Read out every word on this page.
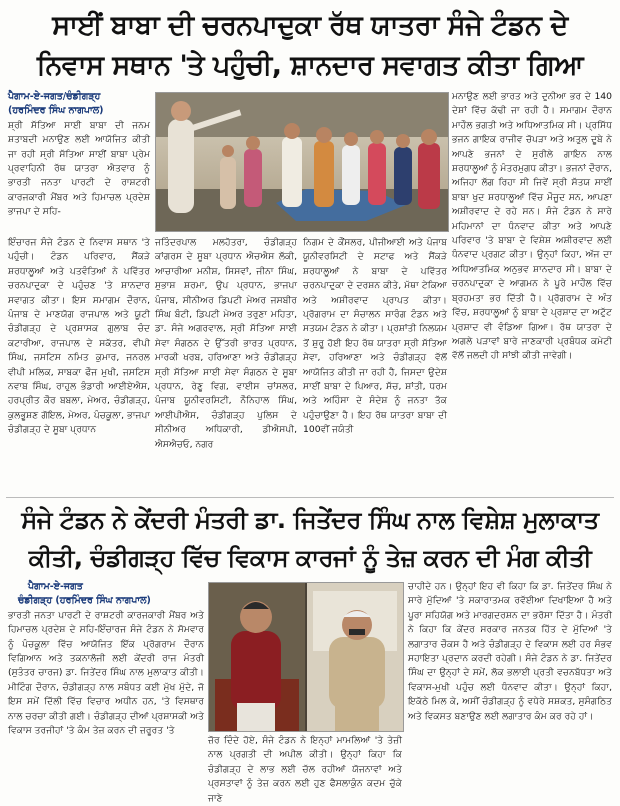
ਸਾਈਂ ਬਾਬਾ ਦੀ ਚਰਨਪਾਦੁਕਾ ਰੱਥ ਯਾਤਰਾ ਸੰਜੇ ਟੰਡਨ ਦੇ
ਨਿਵਾਸ ਸਥਾਨ 'ਤੇ ਪਹੁੰਚੀ, ਸ਼ਾਨਦਾਰ ਸਵਾਗਤ ਕੀਤਾ ਗਿਆ

ਪੈਗਾਮ-ਏ-ਜਗਤ/ਚੰਡੀਗੜ੍ਹ

(ਹਰਮਿੰਦਰ ਸਿੰਘ ਨਾਗਪਾਲ)

ਸ਼੍ਰੀ ਸੱਤਿਆ ਸਾਈ ਬਾਬਾ ਦੀ ਜਨਮ ਸ਼ਤਾਬਦੀ ਮਨਾਉਣ ਲਈ ਆਯੋਜਿਤ ਕੀਤੀ ਜਾ ਰਹੀ ਸ੍ਰੀ ਸੱਤਿਆ ਸਾਈਂ ਬਾਬਾ ਪ੍ਰੇਮ ਪ੍ਰਵਾਹਿਨੀ ਰੱਥ ਯਾਤਰਾ ਐਤਵਾਰ ਨੂੰ ਭਾਰਤੀ ਜਨਤਾ ਪਾਰਟੀ ਦੇ ਰਾਸ਼ਟਰੀ ਕਾਰਜਕਾਰੀ ਮੈਂਬਰ ਅਤੇ ਹਿਮਾਚਲ ਪ੍ਰਦੇਸ਼ ਭਾਜਪਾ ਦੇ ਸਹਿ-

ਮਨਾਉਣ ਲਈ ਭਾਰਤ ਅਤੇ ਦੁਨੀਆ ਭਰ ਦੇ 140 ਦੇਸ਼ਾਂ ਵਿੱਚ ਕੱਢੀ ਜਾ ਰਹੀ ਹੈ। ਸਮਾਗਮ ਦੌਰਾਨ ਮਾਹੌਲ ਭਗਤੀ ਅਤੇ ਅਧਿਆਤਮਿਕ ਸੀ। ਪ੍ਰਸਿੱਧ ਭਜਨ ਗਾਇਕ ਰਾਜੀਵ ਚੋਪੜਾ ਅਤੇ ਅਤੁਲ ਦੂਬੇ ਨੇ ਆਪਣੇ ਭਜਨਾਂ ਦੇ ਸੁਰੀਲੇ ਗਾਇਨ ਨਾਲ ਸ਼ਰਧਾਲੂਆਂ ਨੂੰ ਮੰਤਰਮੁਗਧ ਕੀਤਾ। ਭਜਨਾਂ ਦੌਰਾਨ, ਅਜਿਹਾ ਲੱਗ ਰਿਹਾ ਸੀ ਜਿਵੇਂ ਸ੍ਰੀ ਸੱਤਯ ਸਾਈਂ ਬਾਬਾ ਖੁਦ ਸ਼ਰਧਾਲੂਆਂ ਵਿੱਚ ਮੌਜੂਦ ਸਨ, ਆਪਣਾ ਅਸ਼ੀਰਵਾਦ ਦੇ ਰਹੇ ਸਨ। ਸੰਜੇ ਟੰਡਨ ਨੇ ਸਾਰੇ ਮਹਿਮਾਨਾਂ ਦਾ ਧੰਨਵਾਦ ਕੀਤਾ ਅਤੇ ਆਪਣੇ ਪਰਿਵਾਰ 'ਤੇ ਬਾਬਾ ਦੇ ਵਿਸ਼ੇਸ਼ ਅਸ਼ੀਰਵਾਦ ਲਈ ਧੰਨਵਾਦ ਪ੍ਰਗਟ ਕੀਤਾ। ਉਨ੍ਹਾਂ ਕਿਹਾ, ਅੱਜ ਦਾ ਅਧਿਆਤਮਿਕ ਅਨੁਭਵ ਸ਼ਾਨਦਾਰ ਸੀ। ਬਾਬਾ ਦੇ ਚਰਨਪਾਦੁਕਾ ਦੇ ਆਗਮਨ ਨੇ ਪੂਰੇ ਮਾਹੌਲ ਵਿੱਚ ਬ੍ਰਹਮਤਾ ਭਰ ਦਿੱਤੀ ਹੈ। ਪ੍ਰੋਗਰਾਮ ਦੇ ਅੰਤ ਵਿੱਚ, ਸ਼ਰਧਾਲੂਆਂ ਨੂੰ ਬਾਬਾ ਦੇ ਪ੍ਰਸ਼ਾਦ ਦਾ ਅਟੁੱਟ ਪ੍ਰਸ਼ਾਦ ਵੀ ਵੰਡਿਆ ਗਿਆ। ਰੱਥ ਯਾਤਰਾ ਦੇ ਅਗਲੇ ਪੜਾਵਾਂ ਬਾਰੇ ਜਾਣਕਾਰੀ ਪ੍ਰਬੰਧਕ ਕਮੇਟੀ ਵੱਲੋਂ ਜਲਦੀ ਹੀ ਸਾਂਝੀ ਕੀਤੀ ਜਾਵੇਗੀ।

ਇੰਚਾਰਜ ਸੰਜੇ ਟੰਡਨ ਦੇ ਨਿਵਾਸ ਸਥਾਨ 'ਤੇ ਪਹੁੰਚੀ। ਟੰਡਨ ਪਰਿਵਾਰ, ਸੈਂਕੜੇ ਸ਼ਰਧਾਲੂਆਂ ਅਤੇ ਪਤਵੰਤਿਆਂ ਨੇ ਪਵਿੱਤਰ ਚਰਨਪਾਦੁਕਾ ਦੇ ਪਹੁੰਚਣ 'ਤੇ ਸ਼ਾਨਦਾਰ ਸਵਾਗਤ ਕੀਤਾ। ਇਸ ਸਮਾਗਮ ਦੌਰਾਨ, ਪੰਜਾਬ ਦੇ ਮਾਣਯੋਗ ਰਾਜਪਾਲ ਅਤੇ ਯੂਟੀ ਚੰਡੀਗੜ੍ਹ ਦੇ ਪ੍ਰਸ਼ਾਸਕ ਗੁਲਾਬ ਚੰਦ ਕਟਾਰੀਆ, ਰਾਜਪਾਲ ਦੇ ਸਕੱਤਰ, ਵੀਪੀ ਸਿੰਘ, ਜਸਟਿਸ ਨਮਿਤ ਕੁਮਾਰ, ਜਨਰਲ ਵੀਪੀ ਮਲਿਕ, ਸਾਬਕਾ ਫੌਜ ਮੁਖੀ, ਜਸਟਿਸ ਨਵਾਬ ਸਿੰਘ, ਰਾਹੁਲ ਭੰਡਾਰੀ ਆਈਏਐਸ, ਹਰਪ੍ਰੀਤ ਕੌਰ ਬਬਲਾ, ਮੇਅਰ, ਚੰਡੀਗੜ੍ਹ, ਕੁਲਭੂਸ਼ਣ ਗੋਇਲ, ਮੇਅਰ, ਪੰਚਕੂਲਾ, ਭਾਜਪਾ ਚੰਡੀਗੜ੍ਹ ਦੇ ਸੂਬਾ ਪ੍ਰਧਾਨ

ਜਤਿੰਦਰਪਾਲ ਮਲਹੋਤਰਾ, ਚੰਡੀਗੜ੍ਹ ਕਾਂਗਰਸ ਦੇ ਸੂਬਾ ਪ੍ਰਧਾਨ ਐਚਐਸ ਲੱਕੀ, ਆਚਾਰੀਆ ਮਨੀਸ਼, ਸਿਸਵਾਂ, ਜੀਨਾ ਸਿੰਘ, ਸੁਭਾਸ਼ ਸ਼ਰਮਾ, ਉਪ ਪ੍ਰਧਾਨ, ਭਾਜਪਾ ਪੰਜਾਬ, ਸੀਨੀਅਰ ਡਿਪਟੀ ਮੇਅਰ ਜਸਬੀਰ ਸਿੰਘ ਬੰਟੀ, ਡਿਪਟੀ ਮੇਅਰ ਤਰੁਣਾ ਮਹਿਤਾ, ਡਾ. ਸੰਜੇ ਅਗਰਵਾਲ, ਸ੍ਰੀ ਸੱਤਿਆ ਸਾਈ ਸੇਵਾ ਸੰਗਠਨ ਦੇ ਉੱਤਰੀ ਭਾਰਤ ਪ੍ਰਧਾਨ, ਮਾਰਕੀ ਖਰਬ, ਹਰਿਆਣਾ ਅਤੇ ਚੰਡੀਗੜ੍ਹ ਸ੍ਰੀ ਸੱਤਿਆ ਸਾਈ ਸੇਵਾ ਸੰਗਠਨ ਦੇ ਸੂਬਾ ਪ੍ਰਧਾਨ, ਰੇਣੂ ਵਿਗ, ਵਾਈਸ ਚਾਂਸਲਰ, ਪੰਜਾਬ ਯੂਨੀਵਰਸਿਟੀ, ਨੌਨਿਹਾਲ ਸਿੰਘ, ਆਈਪੀਐਸ, ਚੰਡੀਗੜ੍ਹ ਪੁਲਿਸ ਦੇ ਸੀਨੀਅਰ ਅਧਿਕਾਰੀ, ਡੀਐਸਪੀ, ਐਸਐਚਓ, ਨਗਰ

ਨਿਗਮ ਦੇ ਕੌਂਸਲਰ, ਪੀਜੀਆਈ ਅਤੇ ਪੰਜਾਬ ਯੂਨੀਵਰਸਿਟੀ ਦੇ ਸਟਾਫ ਅਤੇ ਸੈਂਕੜੇ ਸ਼ਰਧਾਲੂਆਂ ਨੇ ਬਾਬਾ ਦੇ ਪਵਿੱਤਰ ਚਰਨਪਾਦੁਕਾ ਦੇ ਦਰਸ਼ਨ ਕੀਤੇ, ਮੱਥਾ ਟੇਕਿਆ ਅਤੇ ਅਸ਼ੀਰਵਾਦ ਪ੍ਰਾਪਤ ਕੀਤਾ। ਪ੍ਰੋਗਰਾਮ ਦਾ ਸੰਚਾਲਨ ਸਾਰੰਗ ਟੰਡਨ ਅਤੇ ਸਤਯਮ ਟੰਡਨ ਨੇ ਕੀਤਾ। ਪ੍ਰਸ਼ਾਂਤੀ ਨਿਲਯਮ ਤੋਂ ਸ਼ੁਰੂ ਹੋਈ ਇਹ ਰੱਥ ਯਾਤਰਾ ਸ੍ਰੀ ਸੱਤਿਆ ਸੇਵਾ, ਹਰਿਆਣਾ ਅਤੇ ਚੰਡੀਗੜ੍ਹ ਵੱਲੋਂ ਆਯੋਜਿਤ ਕੀਤੀ ਜਾ ਰਹੀ ਹੈ, ਜਿਸਦਾ ਉਦੇਸ਼ ਸਾਈਂ ਬਾਬਾ ਦੇ ਪਿਆਰ, ਸੱਚ, ਸ਼ਾਂਤੀ, ਧਰਮ ਅਤੇ ਅਹਿੰਸਾ ਦੇ ਸੰਦੇਸ਼ ਨੂੰ ਜਨਤਾ ਤੱਕ ਪਹੁੰਚਾਉਣਾ ਹੈ। ਇਹ ਰੱਥ ਯਾਤਰਾ ਬਾਬਾ ਦੀ 100ਵੀਂ ਜਯੰਤੀ

ਸੰਜੇ ਟੰਡਨ ਨੇ ਕੇਂਦਰੀ ਮੰਤਰੀ ਡਾ. ਜਿਤੇਂਦਰ ਸਿੰਘ ਨਾਲ ਵਿਸ਼ੇਸ਼ ਮੁਲਾਕਾਤ
ਕੀਤੀ, ਚੰਡੀਗੜ੍ਹ ਵਿੱਚ ਵਿਕਾਸ ਕਾਰਜਾਂ ਨੂੰ ਤੇਜ਼ ਕਰਨ ਦੀ ਮੰਗ ਕੀਤੀ

ਪੈਗਾਮ-ਏ-ਜਗਤ

ਚੰਡੀਗੜ੍ਹ (ਹਰਮਿੰਦਰ ਸਿੰਘ ਨਾਗਪਾਲ)

ਭਾਰਤੀ ਜਨਤਾ ਪਾਰਟੀ ਦੇ ਰਾਸ਼ਟਰੀ ਕਾਰਜਕਾਰੀ ਮੈਂਬਰ ਅਤੇ ਹਿਮਾਚਲ ਪ੍ਰਦੇਸ਼ ਦੇ ਸਹਿ-ਇੰਚਾਰਜ ਸੰਜੇ ਟੰਡਨ ਨੇ ਸੋਮਵਾਰ ਨੂੰ ਪੰਚਕੂਲਾ ਵਿੱਚ ਆਯੋਜਿਤ ਇੱਕ ਪ੍ਰੋਗਰਾਮ ਦੌਰਾਨ ਵਿਗਿਆਨ ਅਤੇ ਤਕਨਾਲੋਜੀ ਲਈ ਕੇਂਦਰੀ ਰਾਜ ਮੰਤਰੀ (ਸੁਤੰਤਰ ਚਾਰਜ) ਡਾ. ਜਿਤੇਂਦਰ ਸਿੰਘ ਨਾਲ ਮੁਲਾਕਾਤ ਕੀਤੀ। ਮੀਟਿੰਗ ਦੌਰਾਨ, ਚੰਡੀਗੜ੍ਹ ਨਾਲ ਸਬੰਧਤ ਕਈ ਮੁੱਖ ਮੁੱਦੇ, ਜੋ ਇਸ ਸਮੇਂ ਦਿੱਲੀ ਵਿੱਚ ਵਿਚਾਰ ਅਧੀਨ ਹਨ, 'ਤੇ ਵਿਸਥਾਰ ਨਾਲ ਚਰਚਾ ਕੀਤੀ ਗਈ। ਚੰਡੀਗੜ੍ਹ ਦੀਆਂ ਪ੍ਰਸ਼ਾਸਕੀ ਅਤੇ ਵਿਕਾਸ ਤਰਜੀਹਾਂ 'ਤੇ ਕੰਮ ਤੇਜ਼ ਕਰਨ ਦੀ ਜ਼ਰੂਰਤ 'ਤੇ

ਜ਼ੋਰ ਦਿੰਦੇ ਹੋਏ, ਸੰਜੇ ਟੰਡਨ ਨੇ ਇਨ੍ਹਾਂ ਮਾਮਲਿਆਂ 'ਤੇ ਤੇਜ਼ੀ ਨਾਲ ਪ੍ਰਗਤੀ ਦੀ ਅਪੀਲ ਕੀਤੀ। ਉਨ੍ਹਾਂ ਕਿਹਾ ਕਿ ਚੰਡੀਗੜ੍ਹ ਦੇ ਲਾਭ ਲਈ ਚੱਲ ਰਹੀਆਂ ਯੋਜਨਾਵਾਂ ਅਤੇ ਪ੍ਰਸਤਾਵਾਂ ਨੂੰ ਤੇਜ਼ ਕਰਨ ਲਈ ਹੁਣ ਫੈਸਲਾਕੁੰਨ ਕਦਮ ਚੁੱਕੇ ਜਾਣੇ

ਚਾਹੀਦੇ ਹਨ। ਉਨ੍ਹਾਂ ਇਹ ਵੀ ਕਿਹਾ ਕਿ ਡਾ. ਜਿਤੇਂਦਰ ਸਿੰਘ ਨੇ ਸਾਰੇ ਮੁੱਦਿਆਂ 'ਤੇ ਸਕਾਰਾਤਮਕ ਰਵੱਈਆ ਦਿਖਾਇਆ ਹੈ ਅਤੇ ਪੂਰਾ ਸਹਿਯੋਗ ਅਤੇ ਮਾਰਗਦਰਸ਼ਨ ਦਾ ਭਰੋਸਾ ਦਿੱਤਾ ਹੈ। ਮੰਤਰੀ ਨੇ ਕਿਹਾ ਕਿ ਕੇਂਦਰ ਸਰਕਾਰ ਜਨਤਕ ਹਿੱਤ ਦੇ ਮੁੱਦਿਆਂ 'ਤੇ ਲਗਾਤਾਰ ਚੌਕਸ ਹੈ ਅਤੇ ਚੰਡੀਗੜ੍ਹ ਦੇ ਵਿਕਾਸ ਲਈ ਹਰ ਸੰਭਵ ਸਹਾਇਤਾ ਪ੍ਰਦਾਨ ਕਰਦੀ ਰਹੇਗੀ। ਸੰਜੇ ਟੰਡਨ ਨੇ ਡਾ. ਜਿਤੇਂਦਰ ਸਿੰਘ ਦਾ ਉਨ੍ਹਾਂ ਦੇ ਸਮੇਂ, ਲੋਕ ਭਲਾਈ ਪ੍ਰਤੀ ਵਚਨਬੱਧਤਾ ਅਤੇ ਵਿਕਾਸ-ਮੁਖੀ ਪਹੁੰਚ ਲਈ ਧੰਨਵਾਦ ਕੀਤਾ। ਉਨ੍ਹਾਂ ਕਿਹਾ, ਇਕੱਠੇ ਮਿਲ ਕੇ, ਅਸੀਂ ਚੰਡੀਗੜ੍ਹ ਨੂੰ ਵਧੇਰੇ ਸਸ਼ਕਤ, ਸੁਸੰਗਠਿਤ ਅਤੇ ਵਿਕਸਤ ਬਣਾਉਣ ਲਈ ਲਗਾਤਾਰ ਕੰਮ ਕਰ ਰਹੇ ਹਾਂ।
